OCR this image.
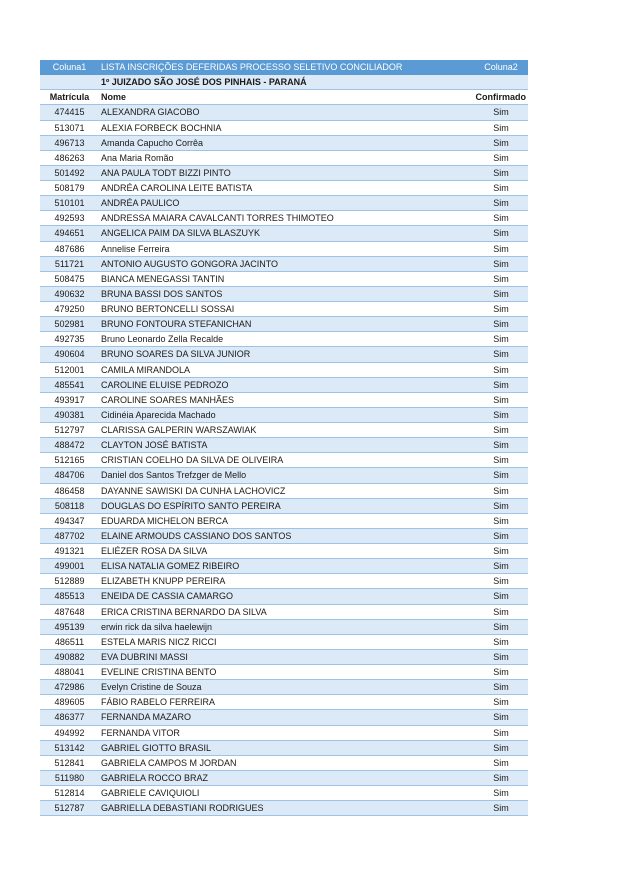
Coluna1	LISTA INSCRIÇÕES DEFERIDAS PROCESSO SELETIVO CONCILIADOR	Coluna2
1º JUIZADO SÃO JOSÉ DOS PINHAIS - PARANÁ
Matrícula	Nome	Confirmado
474415	ALEXANDRA GIACOBO	Sim
513071	ALEXIA FORBECK BOCHNIA	Sim
496713	Amanda Capucho Corrêa	Sim
486263	Ana Maria Romão	Sim
501492	ANA PAULA TODT BIZZI PINTO	Sim
508179	ANDRÉA CAROLINA LEITE BATISTA	Sim
510101	ANDRÉA PAULICO	Sim
492593	ANDRESSA MAIARA CAVALCANTI TORRES THIMOTEO	Sim
494651	ANGELICA PAIM DA SILVA BLASZUYK	Sim
487686	Annelise Ferreira	Sim
511721	ANTONIO AUGUSTO GONGORA JACINTO	Sim
508475	BIANCA MENEGASSI TANTIN	Sim
490632	BRUNA BASSI DOS SANTOS	Sim
479250	BRUNO BERTONCELLI SOSSAI	Sim
502981	BRUNO FONTOURA STEFANICHAN	Sim
492735	Bruno Leonardo Zella Recalde	Sim
490604	BRUNO SOARES DA SILVA JUNIOR	Sim
512001	CAMILA MIRANDOLA	Sim
485541	CAROLINE ELUISE PEDROZO	Sim
493917	CAROLINE SOARES MANHÃES	Sim
490381	Cidinéia Aparecida Machado	Sim
512797	CLARISSA GALPERIN WARSZAWIAK	Sim
488472	CLAYTON JOSÉ BATISTA	Sim
512165	CRISTIAN COELHO DA SILVA DE OLIVEIRA	Sim
484706	Daniel dos Santos Trefzger de Mello	Sim
486458	DAYANNE SAWISKI DA CUNHA LACHOVICZ	Sim
508118	DOUGLAS DO ESPÍRITO SANTO PEREIRA	Sim
494347	EDUARDA MICHELON BERCA	Sim
487702	ELAINE ARMOUDS CASSIANO DOS SANTOS	Sim
491321	ELIÉZER ROSA DA SILVA	Sim
499001	ELISA NATALIA GOMEZ RIBEIRO	Sim
512889	ELIZABETH KNUPP PEREIRA	Sim
485513	ENEIDA DE CASSIA CAMARGO	Sim
487648	ERICA CRISTINA BERNARDO DA SILVA	Sim
495139	erwin rick da silva haelewijn	Sim
486511	ESTELA MARIS NICZ RICCI	Sim
490882	EVA DUBRINI MASSI	Sim
488041	EVELINE CRISTINA BENTO	Sim
472986	Evelyn Cristine de Souza	Sim
489605	FÁBIO RABELO FERREIRA	Sim
486377	FERNANDA MAZARO	Sim
494992	FERNANDA VITOR	Sim
513142	GABRIEL GIOTTO BRASIL	Sim
512841	GABRIELA CAMPOS M JORDAN	Sim
511980	GABRIELA ROCCO BRAZ	Sim
512814	GABRIELE CAVIQUIOLI	Sim
512787	GABRIELLA DEBASTIANI RODRIGUES	Sim
